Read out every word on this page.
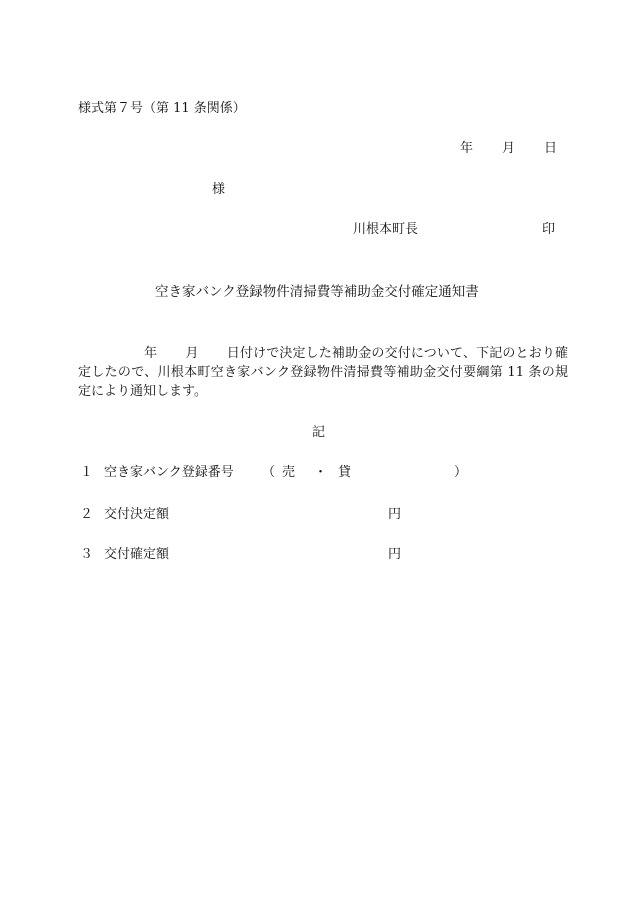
様式第７号（第 11 条関係）
年 月 日
様
川根本町長	印
空き家バンク登録物件清掃費等補助金交付確定通知書
年 月 日付けで決定した補助金の交付について、下記のとおり確定したので、川根本町空き家バンク登録物件清掃費等補助金交付要綱第 11 条の規定により通知します。
記
１ 空き家バンク登録番号 （ 売 ・ 貸	）
２ 交付決定額	円
３ 交付確定額	円
